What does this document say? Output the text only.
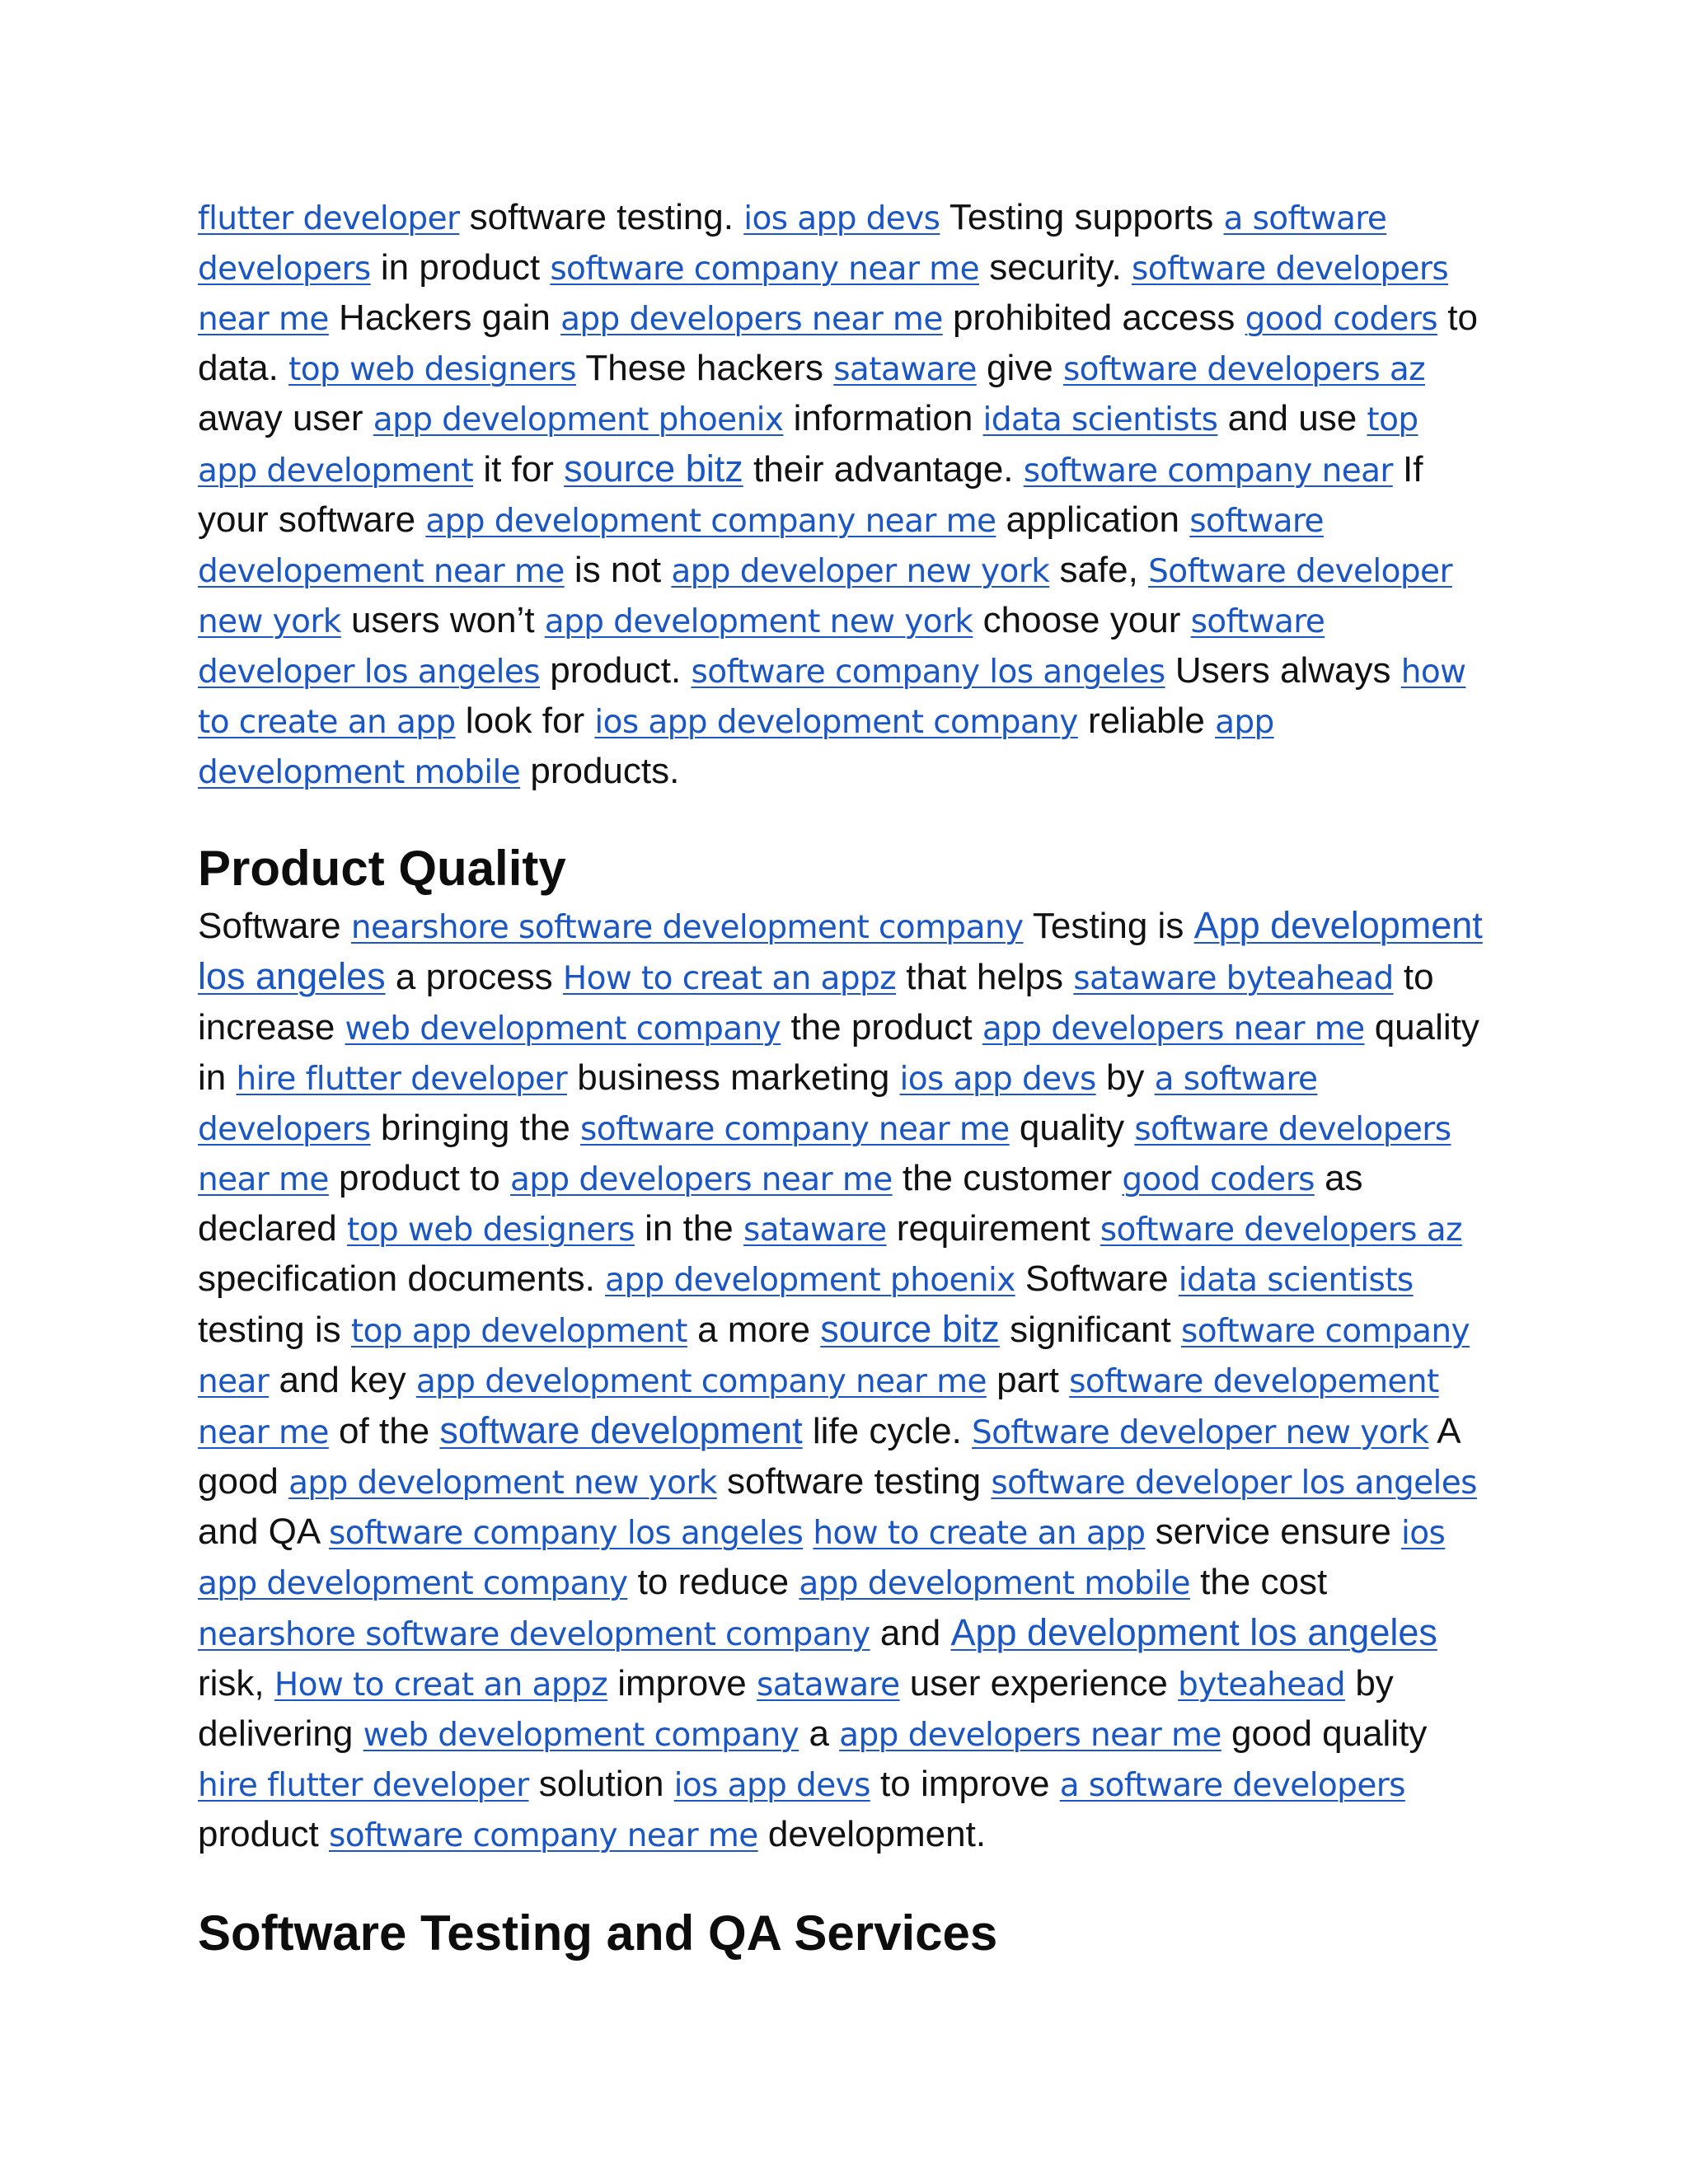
flutter developer software testing. ios app devs Testing supports a software developers in product software company near me security. software developers near me Hackers gain app developers near me prohibited access good coders to data. top web designers These hackers sataware give software developers az away user app development phoenix information idata scientists and use top app development it for source bitz their advantage. software company near If your software app development company near me application software developement near me is not app developer new york safe, Software developer new york users won’t app development new york choose your software developer los angeles product. software company los angeles Users always how to create an app look for ios app development company reliable app development mobile products.

Product Quality

Software nearshore software development company Testing is App development los angeles a process How to creat an appz that helps sataware byteahead to increase web development company the product app developers near me quality in hire flutter developer business marketing ios app devs by a software developers bringing the software company near me quality software developers near me product to app developers near me the customer good coders as declared top web designers in the sataware requirement software developers az specification documents. app development phoenix Software idata scientists testing is top app development a more source bitz significant software company near and key app development company near me part software developement near me of the software development life cycle. Software developer new york A good app development new york software testing software developer los angeles and QA software company los angeles how to create an app service ensure ios app development company to reduce app development mobile the cost nearshore software development company and App development los angeles risk, How to creat an appz improve sataware user experience byteahead by delivering web development company a app developers near me good quality hire flutter developer solution ios app devs to improve a software developers product software company near me development.

Software Testing and QA Services
